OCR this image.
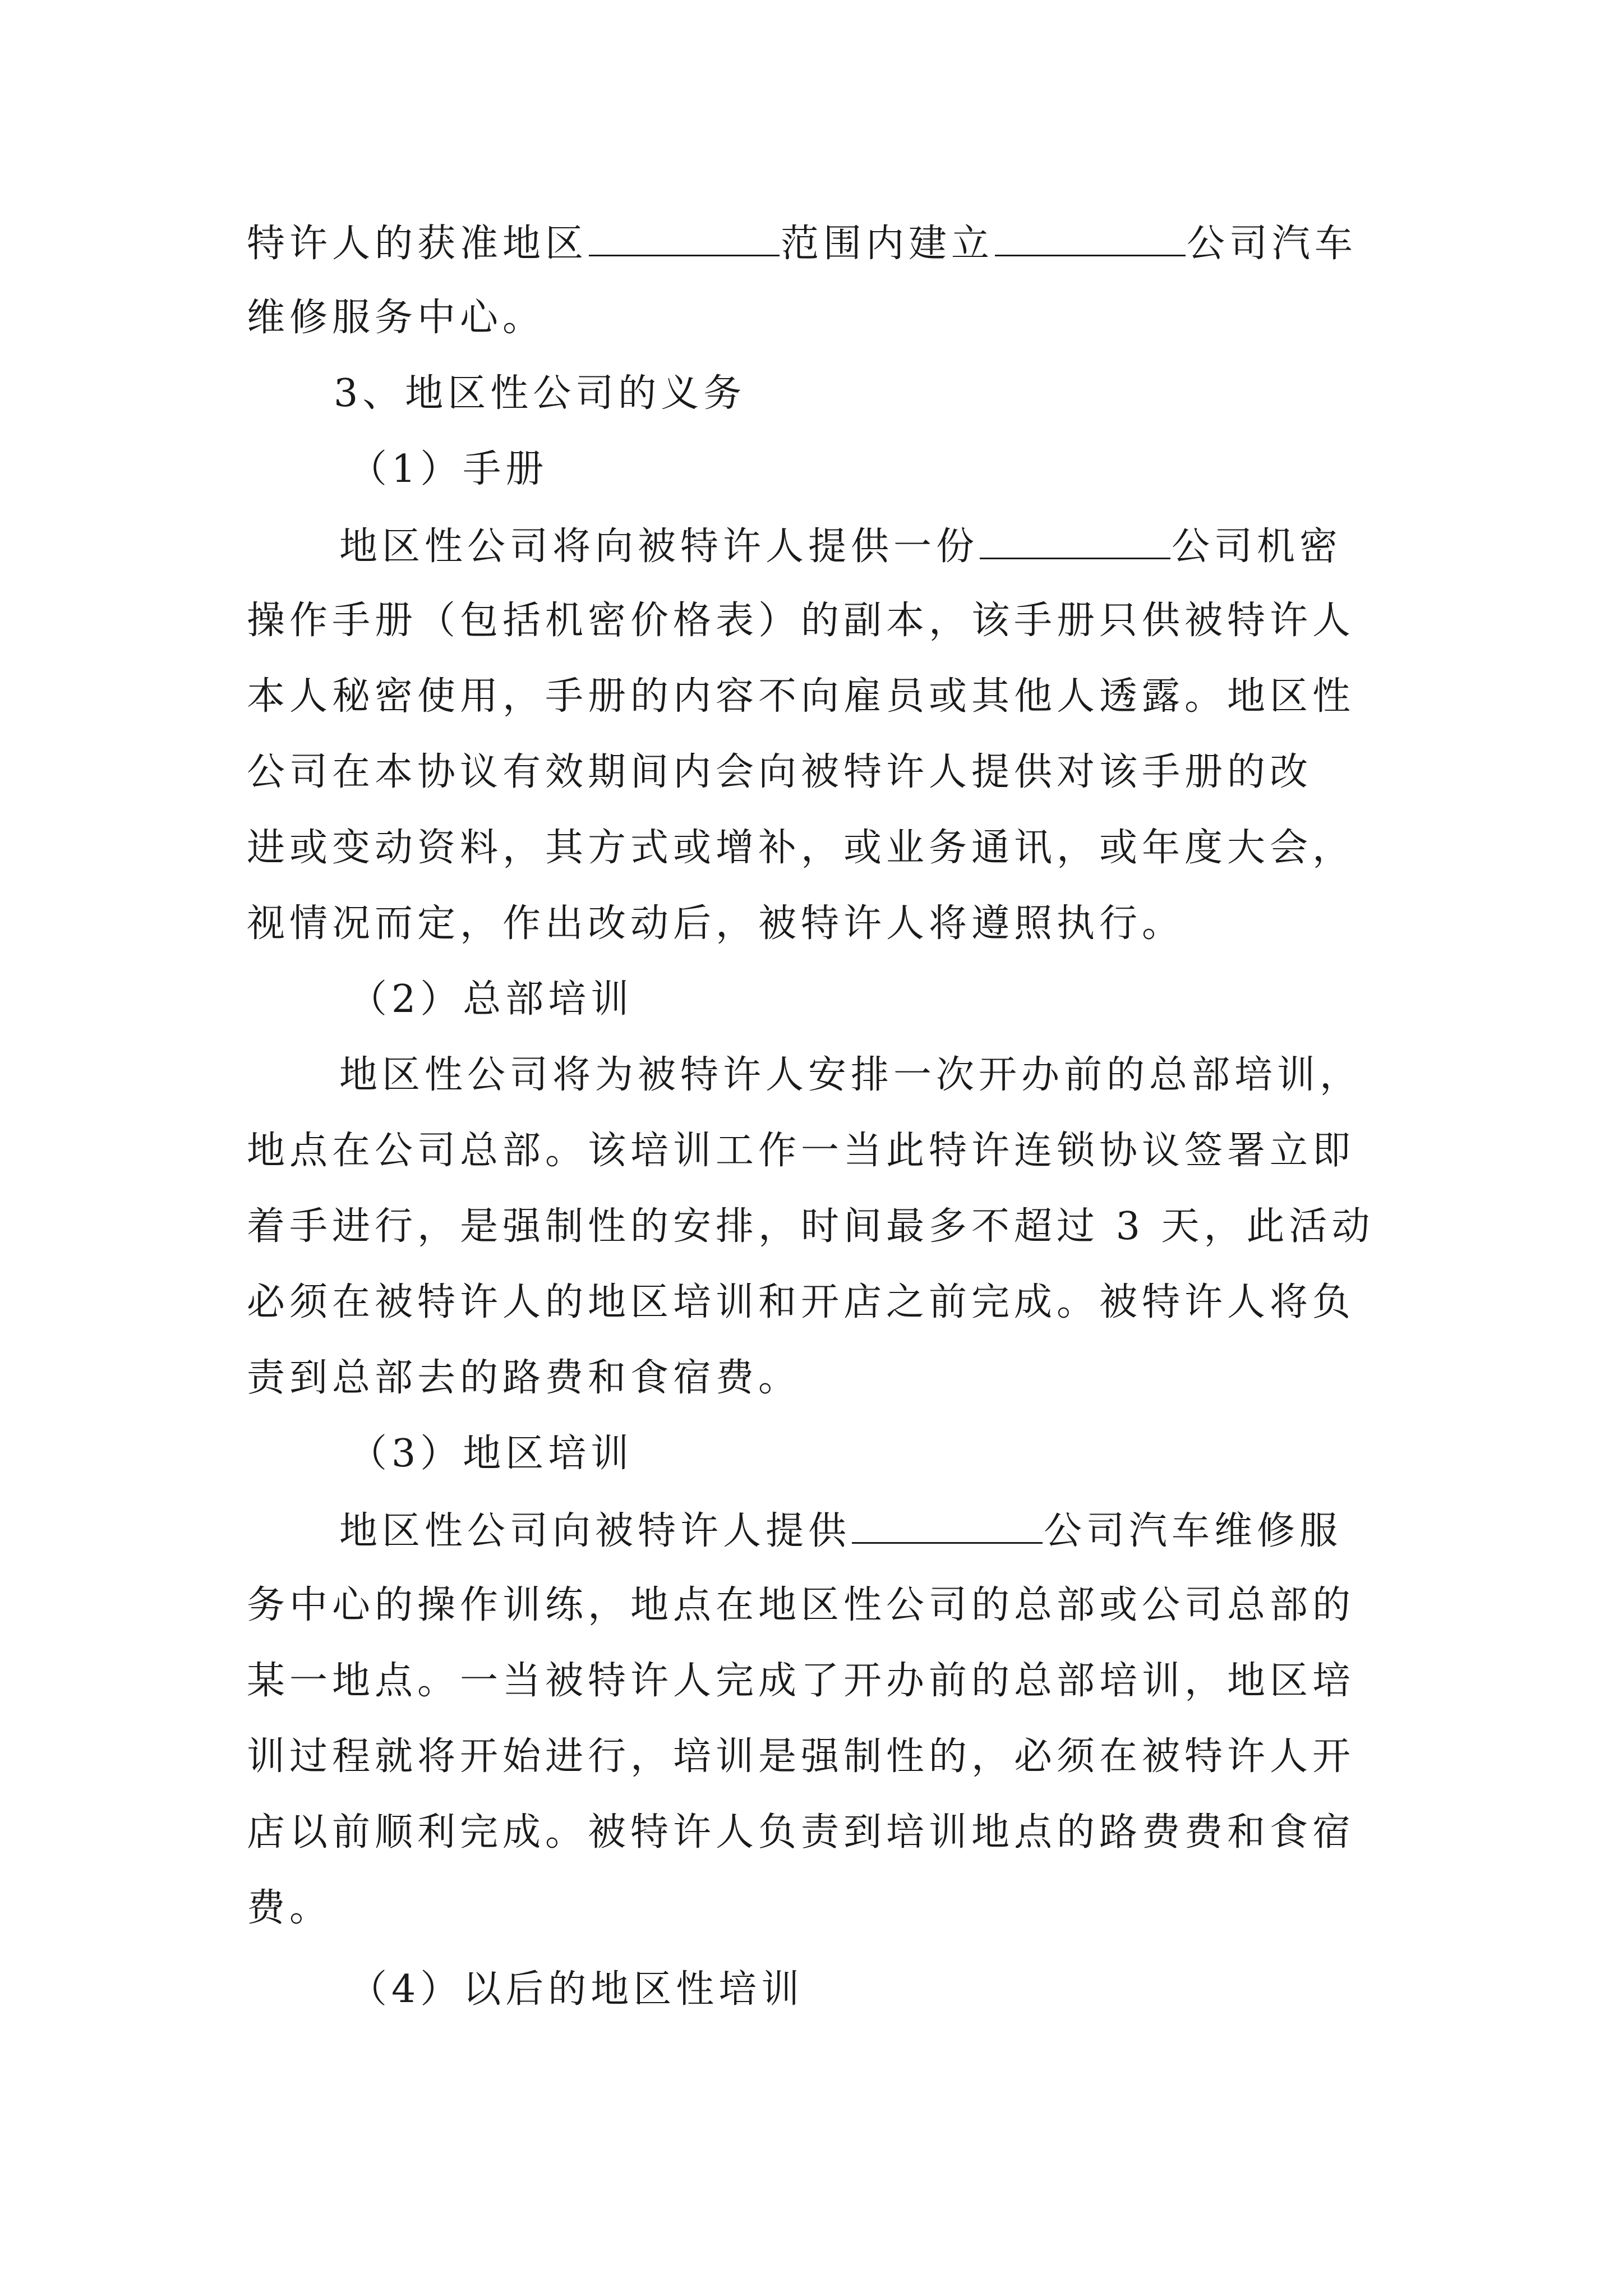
特许人的获准地区	范围内建立	公司汽车
维修服务中心。
3、地区性公司的义务
（1）手册
地区性公司将向被特许人提供一份	公司机密
操作手册（包括机密价格表）的副本，该手册只供被特许人
本人秘密使用，手册的内容不向雇员或其他人透露。地区性
公司在本协议有效期间内会向被特许人提供对该手册的改
进或变动资料，其方式或增补，或业务通讯，或年度大会，
视情况而定，作出改动后，被特许人将遵照执行。
（2）总部培训
地区性公司将为被特许人安排一次开办前的总部培训，
地点在公司总部。该培训工作一当此特许连锁协议签署立即
着手进行，是强制性的安排，时间最多不超过 3 天，此活动
必须在被特许人的地区培训和开店之前完成。被特许人将负
责到总部去的路费和食宿费。
（3）地区培训
地区性公司向被特许人提供	公司汽车维修服
务中心的操作训练，地点在地区性公司的总部或公司总部的
某一地点。一当被特许人完成了开办前的总部培训，地区培
训过程就将开始进行，培训是强制性的，必须在被特许人开
店以前顺利完成。被特许人负责到培训地点的路费费和食宿
费。
（4）以后的地区性培训
